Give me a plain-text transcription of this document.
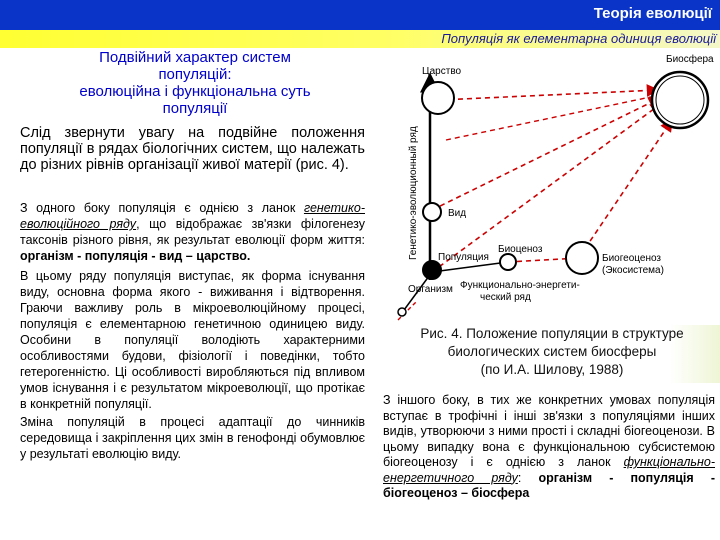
Теорія еволюції
Популяція як елементарна одиниця еволюції
Подвійний характер систем
популяцій:
еволюційна і функціональна суть
популяції
Слід звернути увагу на подвійне положення популяції в рядах біологічних систем, що належать до різних рівнів організації живої матерії (рис. 4).

З одного боку популяція є однією з ланок генетико-еволюційного ряду, що відображає зв'язки філогенезу таксонів різного рівня, як результат еволюції форм життя: організм - популяція - вид – царство.

В цьому ряду популяція виступає, як форма існування виду, основна форма якого - виживання і відтворення. Граючи важливу роль в мікроеволюційному процесі, популяція є елементарною генетичною одиницею виду. Особини в популяції володіють характерними особливостями будови, фізіології і поведінки, тобто гетерогенністю. Ці особливості виробляються під впливом умов існування і є результатом мікроеволюції, що протікає в конкретній популяції.

Зміна популяцій в процесі адаптації до чинників середовища і закріплення цих змін в генофонді обумовлює у результаті еволюцію виду.

Биосфера
Царство
Вид
Популяция
Биоценоз
Биогеоценоз
(Экосистема)
Организм Функционально-энергети-
ческий ряд
Генетико-эволюционный ряд
Рис. 4. Положение популяции в структуре
биологических систем биосферы
(по И.А. Шилову, 1988)
З іншого боку, в тих же конкретних умовах популяція вступає в трофічні і інші зв'язки з популяціями інших видів, утворюючи з ними прості і складні біогеоценози. В цьому випадку вона є функціональною субсистемою біогеоценозу і є однією з ланок функціонально-енергетичного ряду: організм - популяція - біогеоценоз – біосфера
